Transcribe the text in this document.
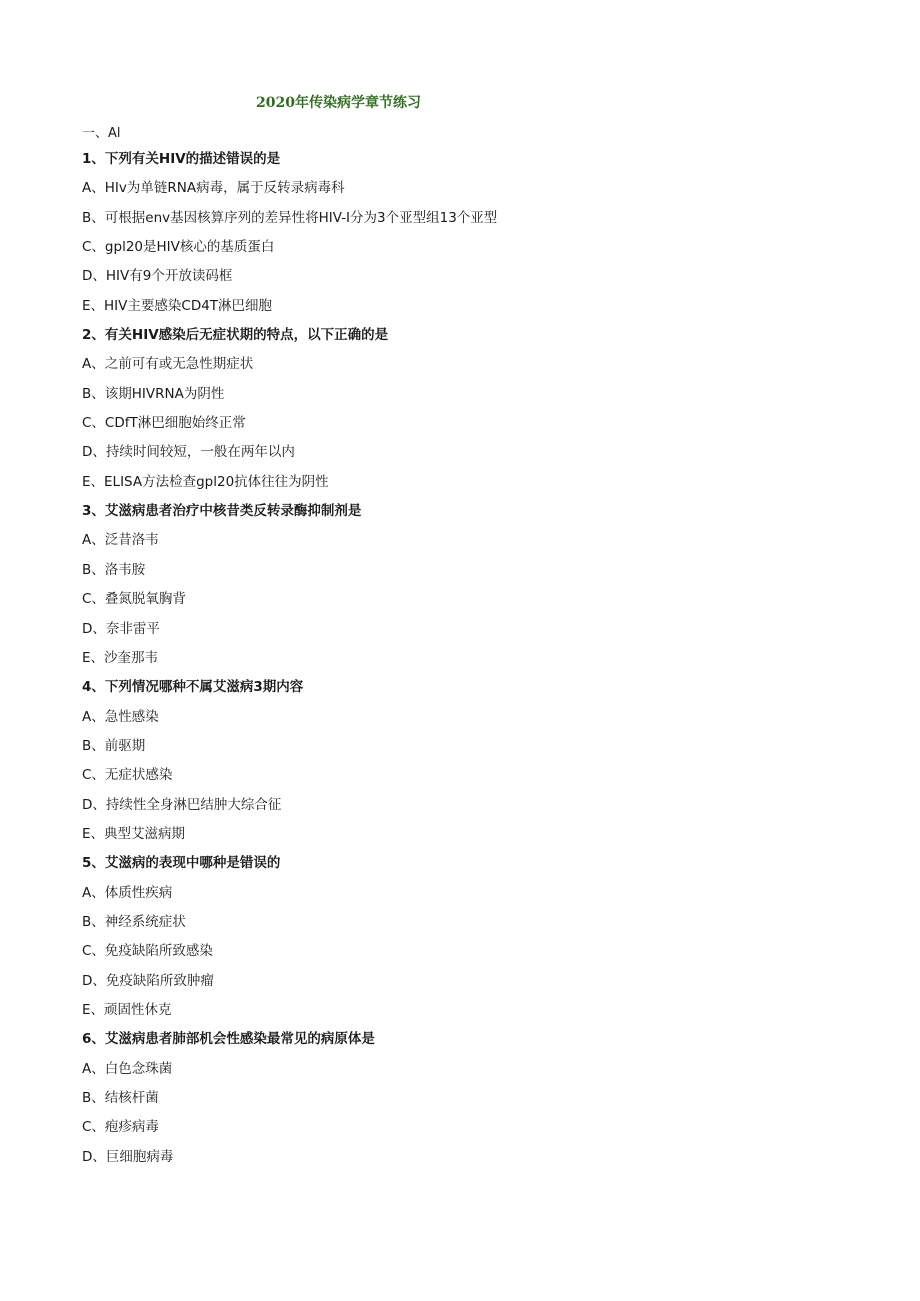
2020年传染病学章节练习
一、Al
1、下列有关HIV的描述错误的是
A、HIv为单链RNA病毒，属于反转录病毒科
B、可根据env基因核算序列的差异性将HIV-I分为3个亚型组13个亚型
C、gpl20是HIV核心的基质蛋白
D、HIV有9个开放读码框
E、HIV主要感染CD4T淋巴细胞
2、有关HIV感染后无症状期的特点，以下正确的是
A、之前可有或无急性期症状
B、该期HIVRNA为阴性
C、CDfT淋巴细胞始终正常
D、持续时间较短，一般在两年以内
E、ELISA方法检查gpl20抗体往往为阴性
3、艾滋病患者治疗中核昔类反转录酶抑制剂是
A、泛昔洛韦
B、洛韦胺
C、叠氮脱氧胸背
D、奈非雷平
E、沙奎那韦
4、下列情况哪种不属艾滋病3期内容
A、急性感染
B、前驱期
C、无症状感染
D、持续性全身淋巴结肿大综合征
E、典型艾滋病期
5、艾滋病的表现中哪种是错误的
A、体质性疾病
B、神经系统症状
C、免疫缺陷所致感染
D、免疫缺陷所致肿瘤
E、顽固性休克
6、艾滋病患者肺部机会性感染最常见的病原体是
A、白色念珠菌
B、结核杆菌
C、疱疹病毒
D、巨细胞病毒
